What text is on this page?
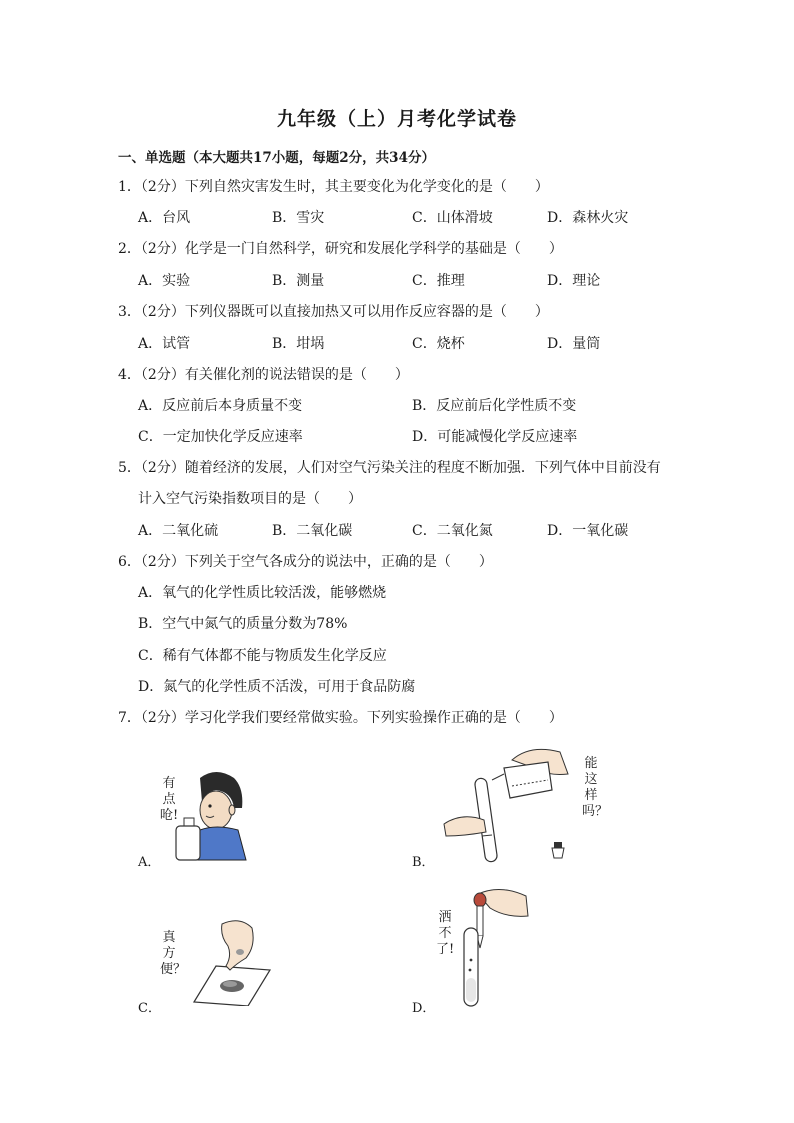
九年级（上）月考化学试卷
一、单选题（本大题共17小题，每题2分，共34分）
1．（2分）下列自然灾害发生时，其主要变化为化学变化的是（　　）
A．台风	B．雪灾	C．山体滑坡	D．森林火灾
2．（2分）化学是一门自然科学，研究和发展化学科学的基础是（　　）
A．实验	B．测量	C．推理	D．理论
3．（2分）下列仪器既可以直接加热又可以用作反应容器的是（　　）
A．试管	B．坩埚	C．烧杯	D．量筒
4．（2分）有关催化剂的说法错误的是（　　）
A．反应前后本身质量不变	B．反应前后化学性质不变
C．一定加快化学反应速率	D．可能减慢化学反应速率
5．（2分）随着经济的发展，人们对空气污染关注的程度不断加强．下列气体中目前没有
计入空气污染指数项目的是（　　）
A．二氧化硫	B．二氧化碳	C．二氧化氮	D．一氧化碳
6．（2分）下列关于空气各成分的说法中，正确的是（　　）
A．氧气的化学性质比较活泼，能够燃烧
B．空气中氮气的质量分数为78%
C．稀有气体都不能与物质发生化学反应
D．氮气的化学性质不活泼，可用于食品防腐
7．（2分）学习化学我们要经常做实验。下列实验操作正确的是（　　）
A．
有点呛!
B．
能这样吗？
C．
真方便？
D．
洒不了!
